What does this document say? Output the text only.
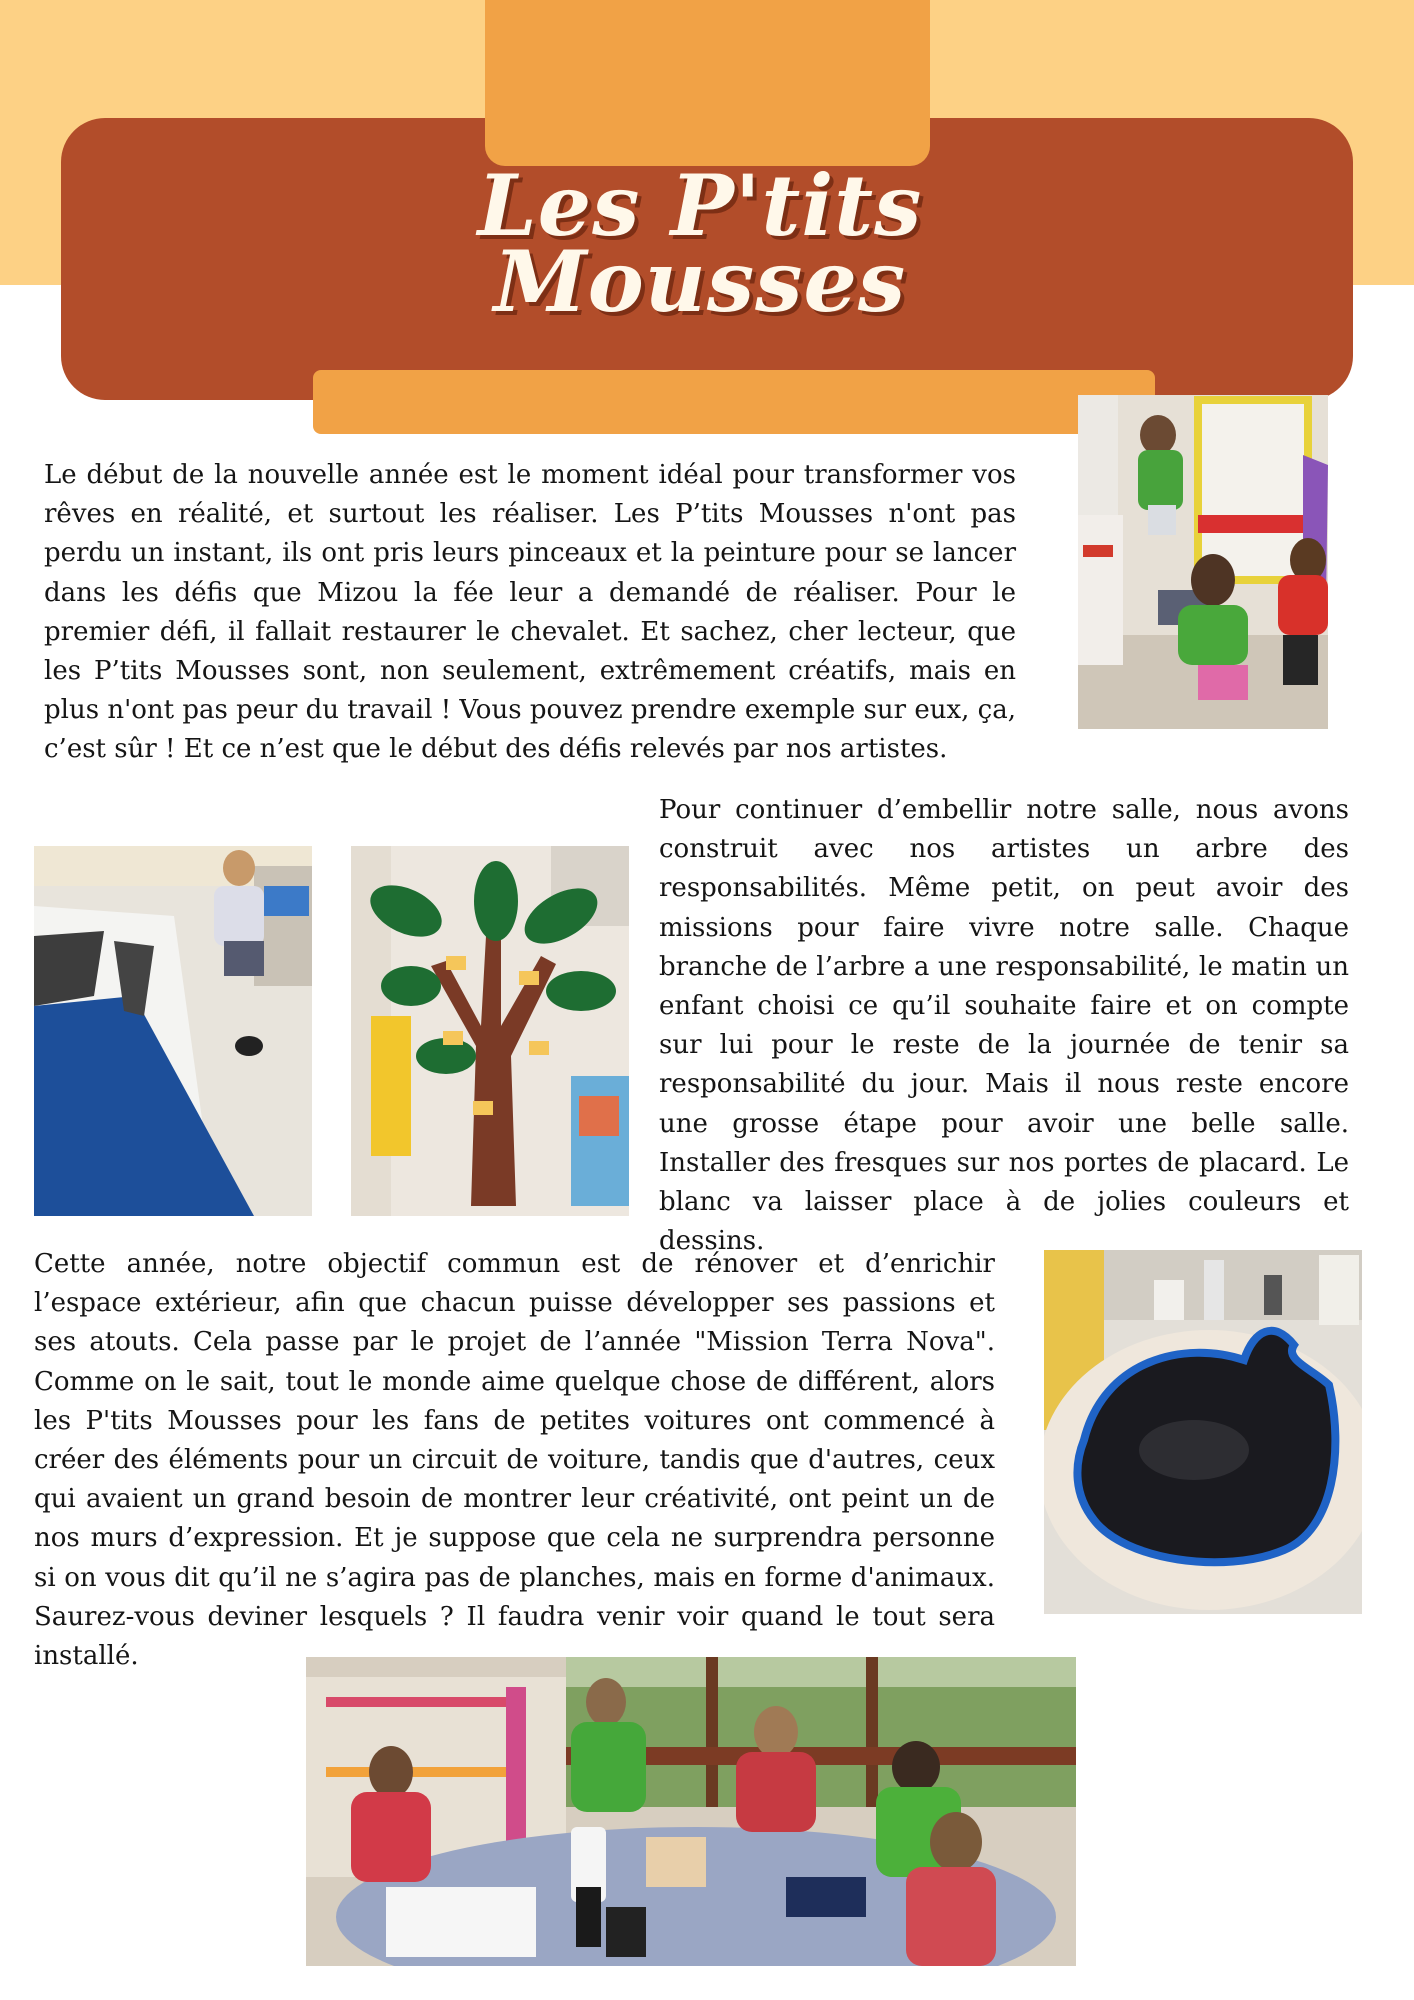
Les P'tits
Mousses

Le début de la nouvelle année est le moment idéal pour transformer vos rêves en réalité, et surtout les réaliser. Les P’tits Mousses n'ont pas perdu un instant, ils ont pris leurs pinceaux et la peinture pour se lancer dans les défis que Mizou la fée leur a demandé de réaliser. Pour le premier défi, il fallait restaurer le chevalet. Et sachez, cher lecteur, que les P’tits Mousses sont, non seulement, extrêmement créatifs, mais en plus n'ont pas peur du travail ! Vous pouvez prendre exemple sur eux, ça, c’est sûr ! Et ce n’est que le début des défis relevés par nos artistes.

Pour continuer d’embellir notre salle, nous avons construit avec nos artistes un arbre des responsabilités. Même petit, on peut avoir des missions pour faire vivre notre salle. Chaque branche de l’arbre a une responsabilité, le matin un enfant choisi ce qu’il souhaite faire et on compte sur lui pour le reste de la journée de tenir sa responsabilité du jour. Mais il nous reste encore une grosse étape pour avoir une belle salle. Installer des fresques sur nos portes de placard. Le blanc va laisser place à de jolies couleurs et dessins.

Cette année, notre objectif commun est de rénover et d’enrichir l’espace extérieur, afin que chacun puisse développer ses passions et ses atouts. Cela passe par le projet de l’année "Mission Terra Nova". Comme on le sait, tout le monde aime quelque chose de différent, alors les P'tits Mousses pour les fans de petites voitures ont commencé à créer des éléments pour un circuit de voiture, tandis que d'autres, ceux qui avaient un grand besoin de montrer leur créativité, ont peint un de nos murs d’expression. Et je suppose que cela ne surprendra personne si on vous dit qu’il ne s’agira pas de planches, mais en forme d'animaux. Saurez-vous deviner lesquels ? Il faudra venir voir quand le tout sera installé.
